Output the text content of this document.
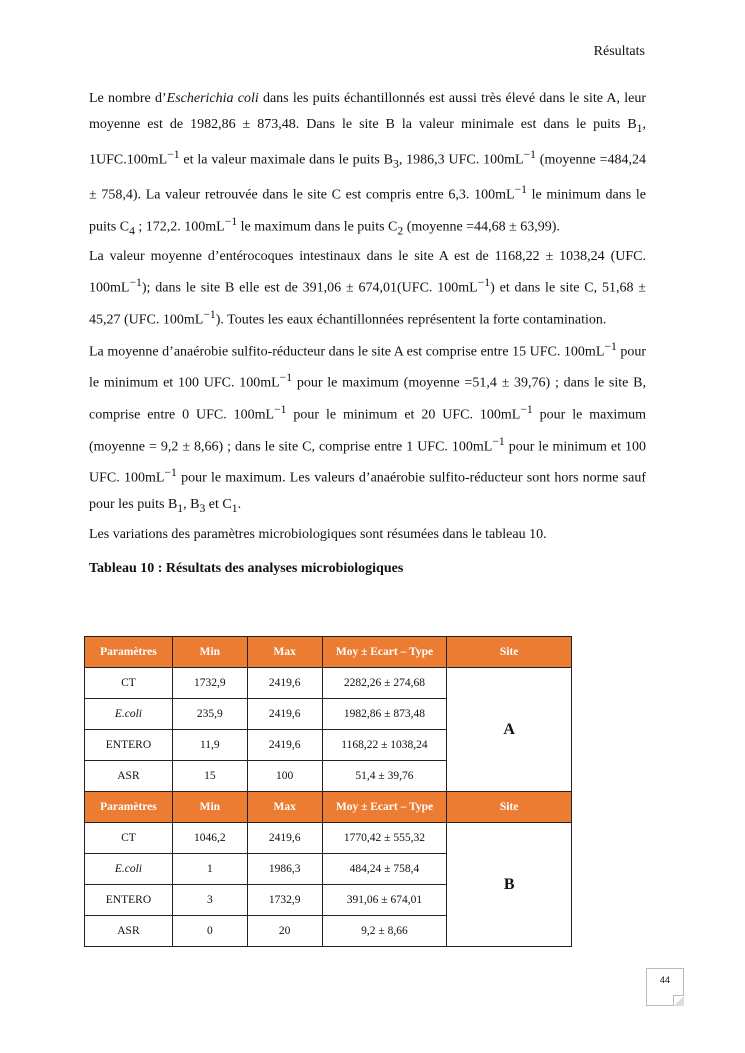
Résultats

Le nombre d’Escherichia coli dans les puits échantillonnés est aussi très élevé dans le site A, leur moyenne est de 1982,86 ± 873,48. Dans le site B la valeur minimale est dans le puits $B_1$, $1UFC.100mL^{-1}$ et la valeur maximale dans le puits $B_3$, 1986,3 UFC. $100mL^{-1}$ (moyenne =484,24 ± 758,4). La valeur retrouvée dans le site C est compris entre 6,3. $100mL^{-1}$ le minimum dans le puits $C_4$ ; 172,2. $100mL^{-1}$ le maximum dans le puits $C_2$ (moyenne =44,68 ± 63,99).

La valeur moyenne d’entérocoques intestinaux dans le site A est de 1168,22 ± 1038,24 (UFC. $100mL^{-1}$); dans le site B elle est de 391,06 ± 674,01(UFC. $100mL^{-1}$) et dans le site C, 51,68 ± 45,27 (UFC. $100mL^{-1}$). Toutes les eaux échantillonnées représentent la forte contamination.

La moyenne d’anaérobie sulfito-réducteur dans le site A est comprise entre 15 UFC. $100mL^{-1}$ pour le minimum et 100 UFC. $100mL^{-1}$ pour le maximum (moyenne =51,4 ± 39,76) ; dans le site B, comprise entre 0 UFC. $100mL^{-1}$ pour le minimum et 20 UFC. $100mL^{-1}$ pour le maximum (moyenne = 9,2 ± 8,66) ; dans le site C, comprise entre 1 UFC. $100mL^{-1}$ pour le minimum et 100 UFC. $100mL^{-1}$ pour le maximum. Les valeurs d’anaérobie sulfito-réducteur sont hors norme sauf pour les puits $B_1$, $B_3$ et $C_1$.

Les variations des paramètres microbiologiques sont résumées dans le tableau 10.

Tableau 10 : Résultats des analyses microbiologiques
Paramètres	Min	Max	Moy ± Ecart – Type	Site
CT	1732,9	2419,6	2282,26 ± 274,68	A
E.coli	235,9	2419,6	1982,86 ± 873,48	
ENTERO	11,9	2419,6	1168,22 ± 1038,24	
ASR	15	100	51,4 ± 39,76	
Paramètres	Min	Max	Moy ± Ecart – Type	Site
CT	1046,2	2419,6	1770,42 ± 555,32	B
E.coli	1	1986,3	484,24 ± 758,4	
ENTERO	3	1732,9	391,06 ± 674,01	
ASR	0	20	9,2 ± 8,66	
44
